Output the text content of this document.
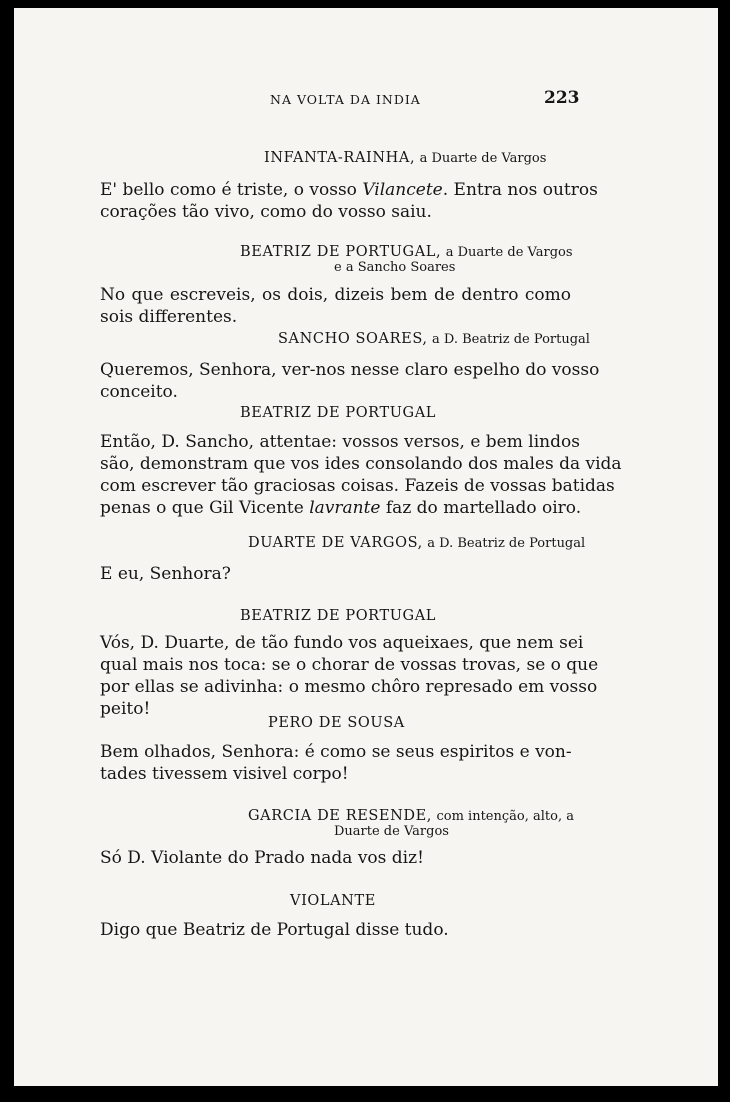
NA VOLTA DA INDIA	223
INFANTA-RAINHA, a Duarte de Vargos
E' bello como é triste, o vosso Vilancete. Entra nos outros
corações tão vivo, como do vosso saiu.
BEATRIZ DE PORTUGAL, a Duarte de Vargos
e a Sancho Soares
No que escreveis, os dois, dizeis bem de dentro como
sois differentes.
SANCHO SOARES, a D. Beatriz de Portugal
Queremos, Senhora, ver-nos nesse claro espelho do vosso
conceito.
BEATRIZ DE PORTUGAL
Então, D. Sancho, attentae: vossos versos, e bem lindos
são, demonstram que vos ides consolando dos males da vida
com escrever tão graciosas coisas. Fazeis de vossas batidas
penas o que Gil Vicente lavrante faz do martellado oiro.
DUARTE DE VARGOS, a D. Beatriz de Portugal
E eu, Senhora?
BEATRIZ DE PORTUGAL
Vós, D. Duarte, de tão fundo vos aqueixaes, que nem sei
qual mais nos toca: se o chorar de vossas trovas, se o que
por ellas se adivinha: o mesmo chôro represado em vosso
peito!
PERO DE SOUSA
Bem olhados, Senhora: é como se seus espiritos e von-
tades tivessem visivel corpo!
GARCIA DE RESENDE, com intenção, alto, a
Duarte de Vargos
Só D. Violante do Prado nada vos diz!
VIOLANTE
Digo que Beatriz de Portugal disse tudo.
